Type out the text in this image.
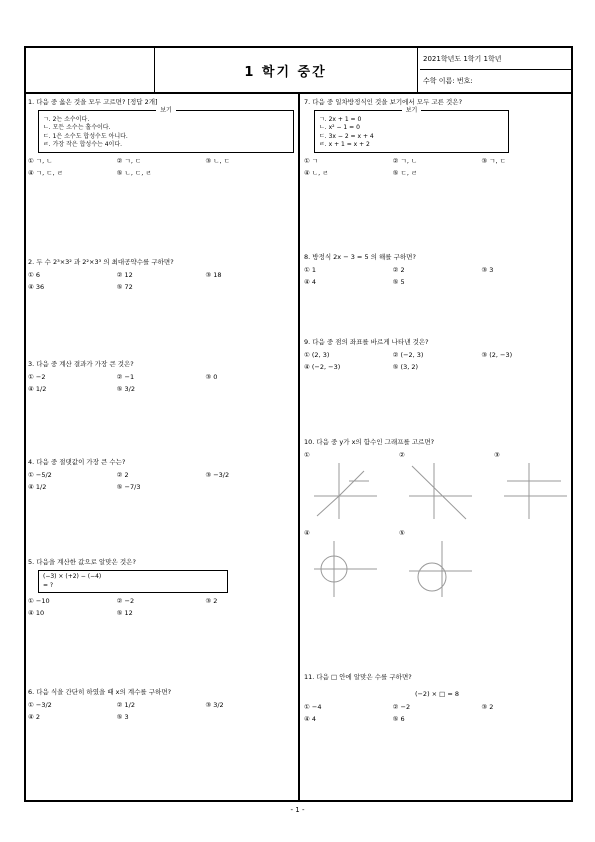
1 학기 중간
2021학년도 1학기 1학년
수학 이름: 번호:

1. 다음 중 옳은 것을 모두 고르면? [정답 2개]

보기
ㄱ. 2는 소수이다.
ㄴ. 모든 소수는 홀수이다.
ㄷ. 1은 소수도 합성수도 아니다.
ㄹ. 가장 작은 합성수는 4이다.
① ㄱ, ㄴ	② ㄱ, ㄷ	③ ㄴ, ㄷ
④ ㄱ, ㄷ, ㄹ	⑤ ㄴ, ㄷ, ㄹ

2. 두 수 2³×3² 과 2²×3³ 의 최대공약수를 구하면?

① 6	② 12	③ 18
④ 36	⑤ 72

3. 다음 중 계산 결과가 가장 큰 것은?

① −2	② −1	③ 0
④ 1/2	⑤ 3/2

4. 다음 중 절댓값이 가장 큰 수는?

① −5/2	② 2	③ −3/2
④ 1/2	⑤ −7/3

5. 다음을 계산한 값으로 알맞은 것은?

(−3) × (+2) − (−4)
= ?
① −10	② −2	③ 2
④ 10	⑤ 12

6. 다음 식을 간단히 하였을 때 x의 계수를 구하면?

① −3/2	② 1/2	③ 3/2
④ 2	⑤ 3

7. 다음 중 일차방정식인 것을 보기에서 모두 고른 것은?

보기
ㄱ. 2x + 1 = 0
ㄴ. x² − 1 = 0
ㄷ. 3x − 2 = x + 4
ㄹ. x + 1 = x + 2
① ㄱ	② ㄱ, ㄴ	③ ㄱ, ㄷ
④ ㄴ, ㄹ	⑤ ㄷ, ㄹ

8. 방정식 2x − 3 = 5 의 해를 구하면?

① 1	② 2	③ 3
④ 4	⑤ 5

9. 다음 중 점의 좌표를 바르게 나타낸 것은?

① (2, 3)	② (−2, 3)	③ (2, −3)
④ (−2, −3)	⑤ (3, 2)

10. 다음 중 y가 x의 함수인 그래프를 고르면?

①	②	③
④	⑤

11. 다음 □ 안에 알맞은 수를 구하면?

(−2) × □ = 8
① −4	② −2	③ 2
④ 4	⑤ 6
- 1 -
